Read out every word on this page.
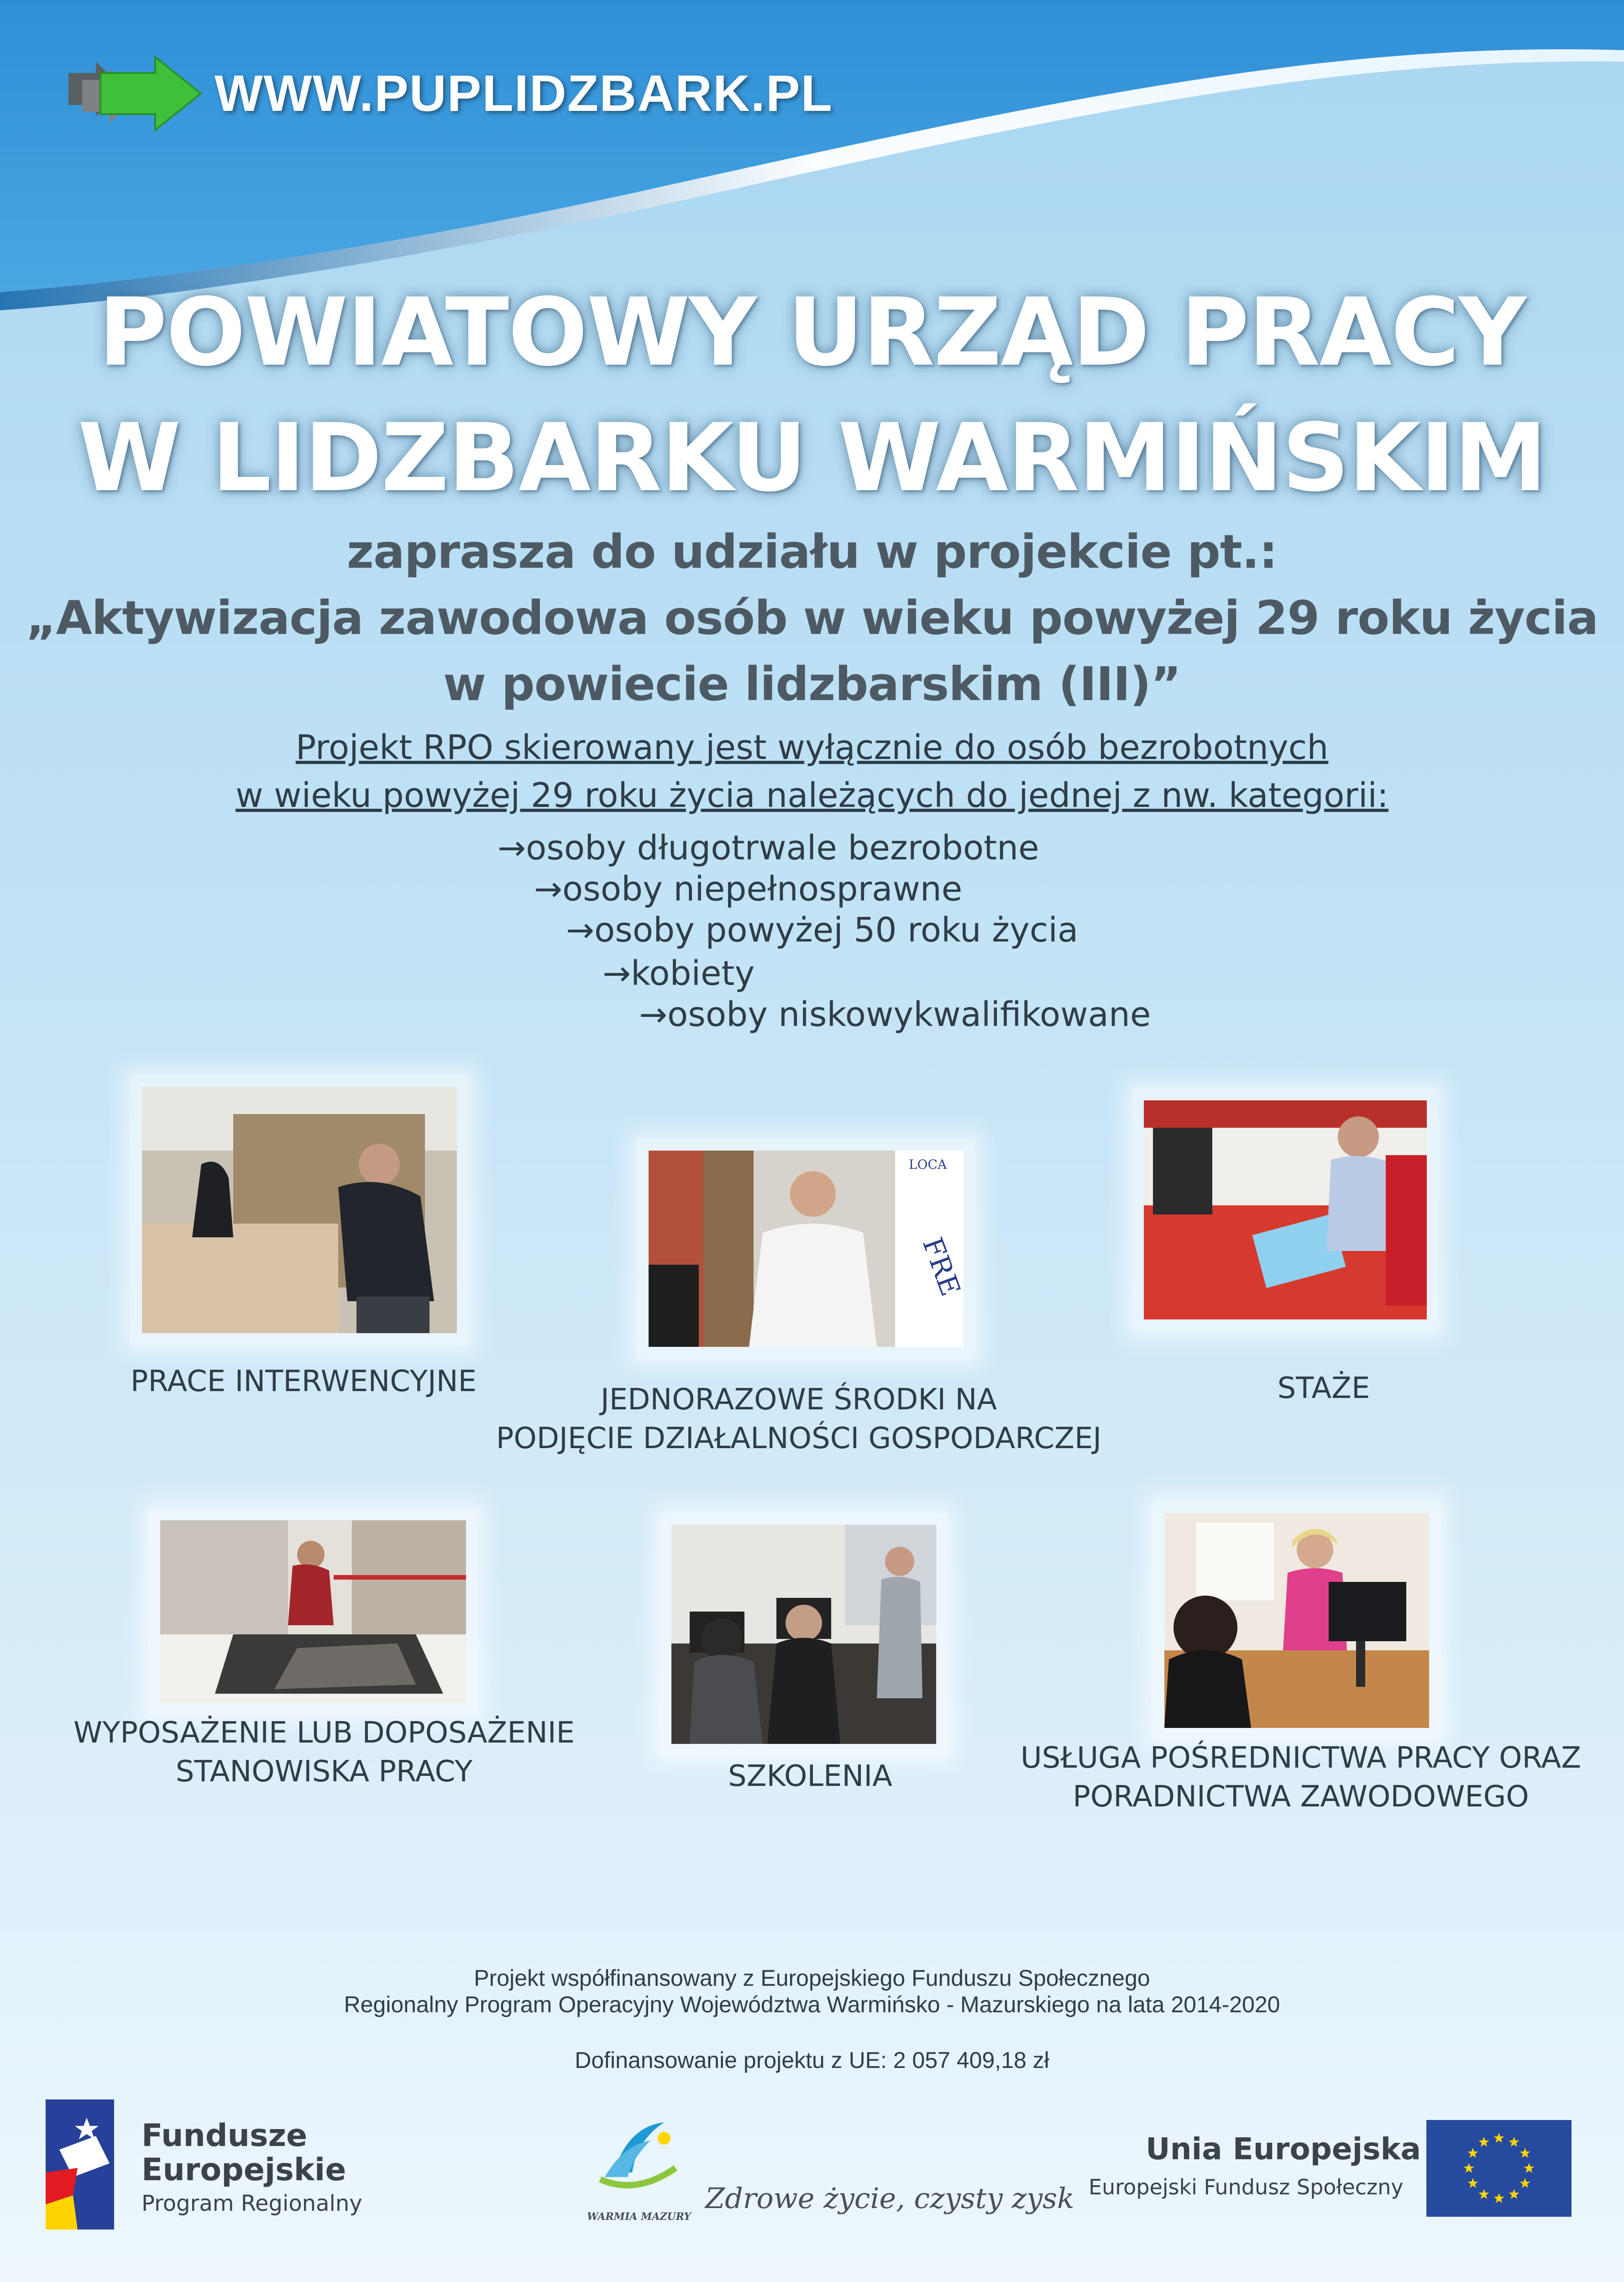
WWW.PUPLIDZBARK.PL
POWIATOWY URZĄD PRACY
W LIDZBARKU WARMIŃSKIM
zaprasza do udziału w projekcie pt.:
„Aktywizacja zawodowa osób w wieku powyżej 29 roku życia
w powiecie lidzbarskim (III)”
Projekt RPO skierowany jest wyłącznie do osób bezrobotnych
w wieku powyżej 29 roku życia należących do jednej z nw. kategorii:
→osoby długotrwale bezrobotne
→osoby niepełnosprawne
→osoby powyżej 50 roku życia
→kobiety
→osoby niskowykwalifikowane
LOCA
FRE
PRACE INTERWENCYJNE
JEDNORAZOWE ŚRODKI NA
PODJĘCIE DZIAŁALNOŚCI GOSPODARCZEJ
STAŻE
WYPOSAŻENIE LUB DOPOSAŻENIE
STANOWISKA PRACY	SZKOLENIA
USŁUGA POŚREDNICTWA PRACY ORAZ
PORADNICTWA ZAWODOWEGO
Projekt współfinansowany z Europejskiego Funduszu Społecznego
Regionalny Program Operacyjny Województwa Warmińsko - Mazurskiego na lata 2014-2020
Dofinansowanie projektu z UE: 2 057 409,18 zł
Fundusze
Europejskie
Program Regionalny
WARMIA MAZURY
Zdrowe życie, czysty zysk
Unia Europejska
Europejski Fundusz Społeczny
